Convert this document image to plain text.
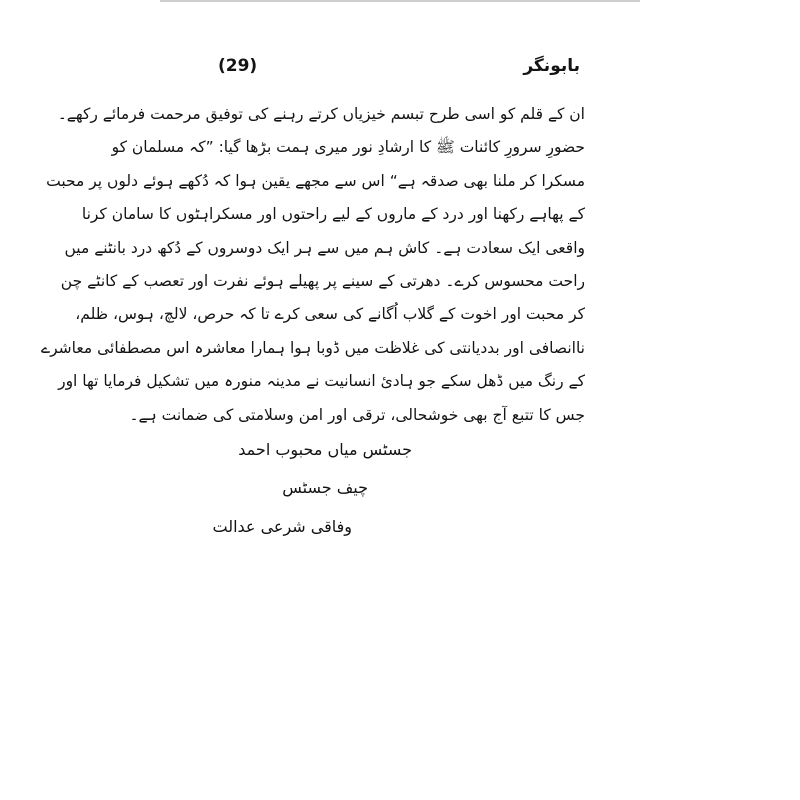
(29)	بابونگر
ان کے قلم کو اسی طرح تبسم خیزیاں کرتے رہنے کی توفیق مرحمت فرمائے رکھے۔
حضورِ سرورِ کائنات ﷺ کا ارشادِ نور میری ہمت بڑھا گیا: ”کہ مسلمان کو
مسکرا کر ملنا بھی صدقہ ہے“ اس سے مجھے یقین ہوا کہ دُکھے ہوئے دلوں پر محبت
کے پھاہے رکھنا اور درد کے ماروں کے لیے راحتوں اور مسکراہٹوں کا سامان کرنا
واقعی ایک سعادت ہے۔ کاش ہم میں سے ہر ایک دوسروں کے دُکھ درد بانٹنے میں
راحت محسوس کرے۔ دھرتی کے سینے پر پھیلے ہوئے نفرت اور تعصب کے کانٹے چن
کر محبت اور اخوت کے گلاب اُگانے کی سعی کرے تا کہ حرص، لالچ، ہوس، ظلم،
ناانصافی اور بددیانتی کی غلاظت میں ڈوبا ہوا ہمارا معاشرہ اس مصطفائی معاشرے
کے رنگ میں ڈھل سکے جو ہادئ انسانیت نے مدینہ منورہ میں تشکیل فرمایا تھا اور
جس کا تتبع آج بھی خوشحالی، ترقی اور امن وسلامتی کی ضمانت ہے۔
جسٹس میاں محبوب احمد
چیف جسٹس
وفاقی شرعی عدالت
